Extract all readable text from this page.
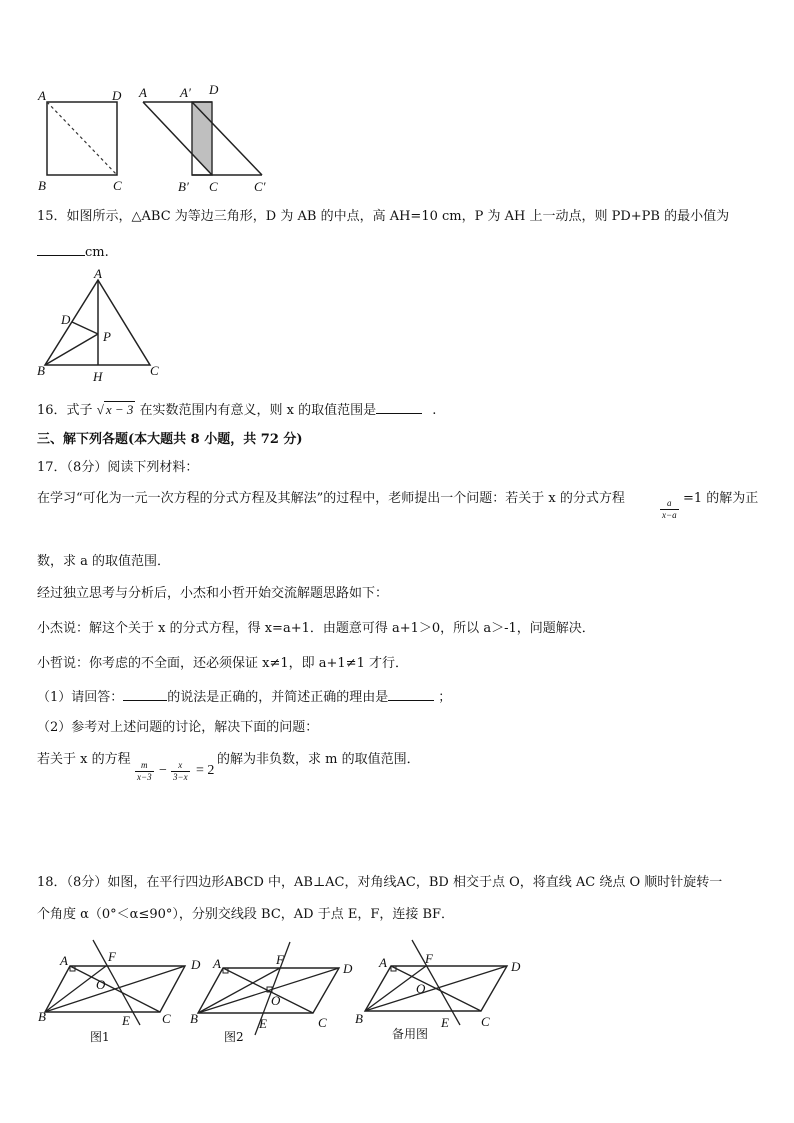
A	D
B	C
A	A′ D
B′ C	C′
15．如图所示，△ABC 为等边三角形，D 为 AB 的中点，高 AH=10 cm，P 为 AH 上一动点，则 PD+PB 的最小值为
cm.
A
D
P
B	H	C
16．式子 √ x − 3 在实数范围内有意义，则 x 的取值范围是	.
三、解下列各题(本大题共 8 小题，共 72 分)
17．（8分）阅读下列材料：
在学习“可化为一元一次方程的分式方程及其解法”的过程中，老师提出一个问题：若关于 x 的分式方程	$\frac{a}{x-a} =1$ 的解为正
数，求 a 的取值范围．
经过独立思考与分析后，小杰和小哲开始交流解题思路如下：
小杰说：解这个关于 x 的分式方程，得 x=a+1．由题意可得 a+1＞0，所以 a＞-1，问题解决．
小哲说：你考虑的不全面，还必须保证 x≠1，即 a+1≠1 才行．
（1）请回答：	的说法是正确的，并简述正确的理由是	；
（2）参考对上述问题的讨论，解决下面的问题：
若关于 x 的方程
$\frac{m}{x-3} - \frac{x}{3-x} = 2$
的解为非负数，求 m 的取值范围．
18．（8分）如图，在平行四边形ABCD 中，AB⊥AC，对角线AC，BD 相交于点 O，将直线 AC 绕点 O 顺时针旋转一
个角度 α（0°＜α≤90°），分别交线段 BC，AD 于点 E，F，连接 BF．
A	F
D
O
B	E C
图1
A	F
D
O
B	E	C
图2
A	F
D
O
B	E C
备用图
